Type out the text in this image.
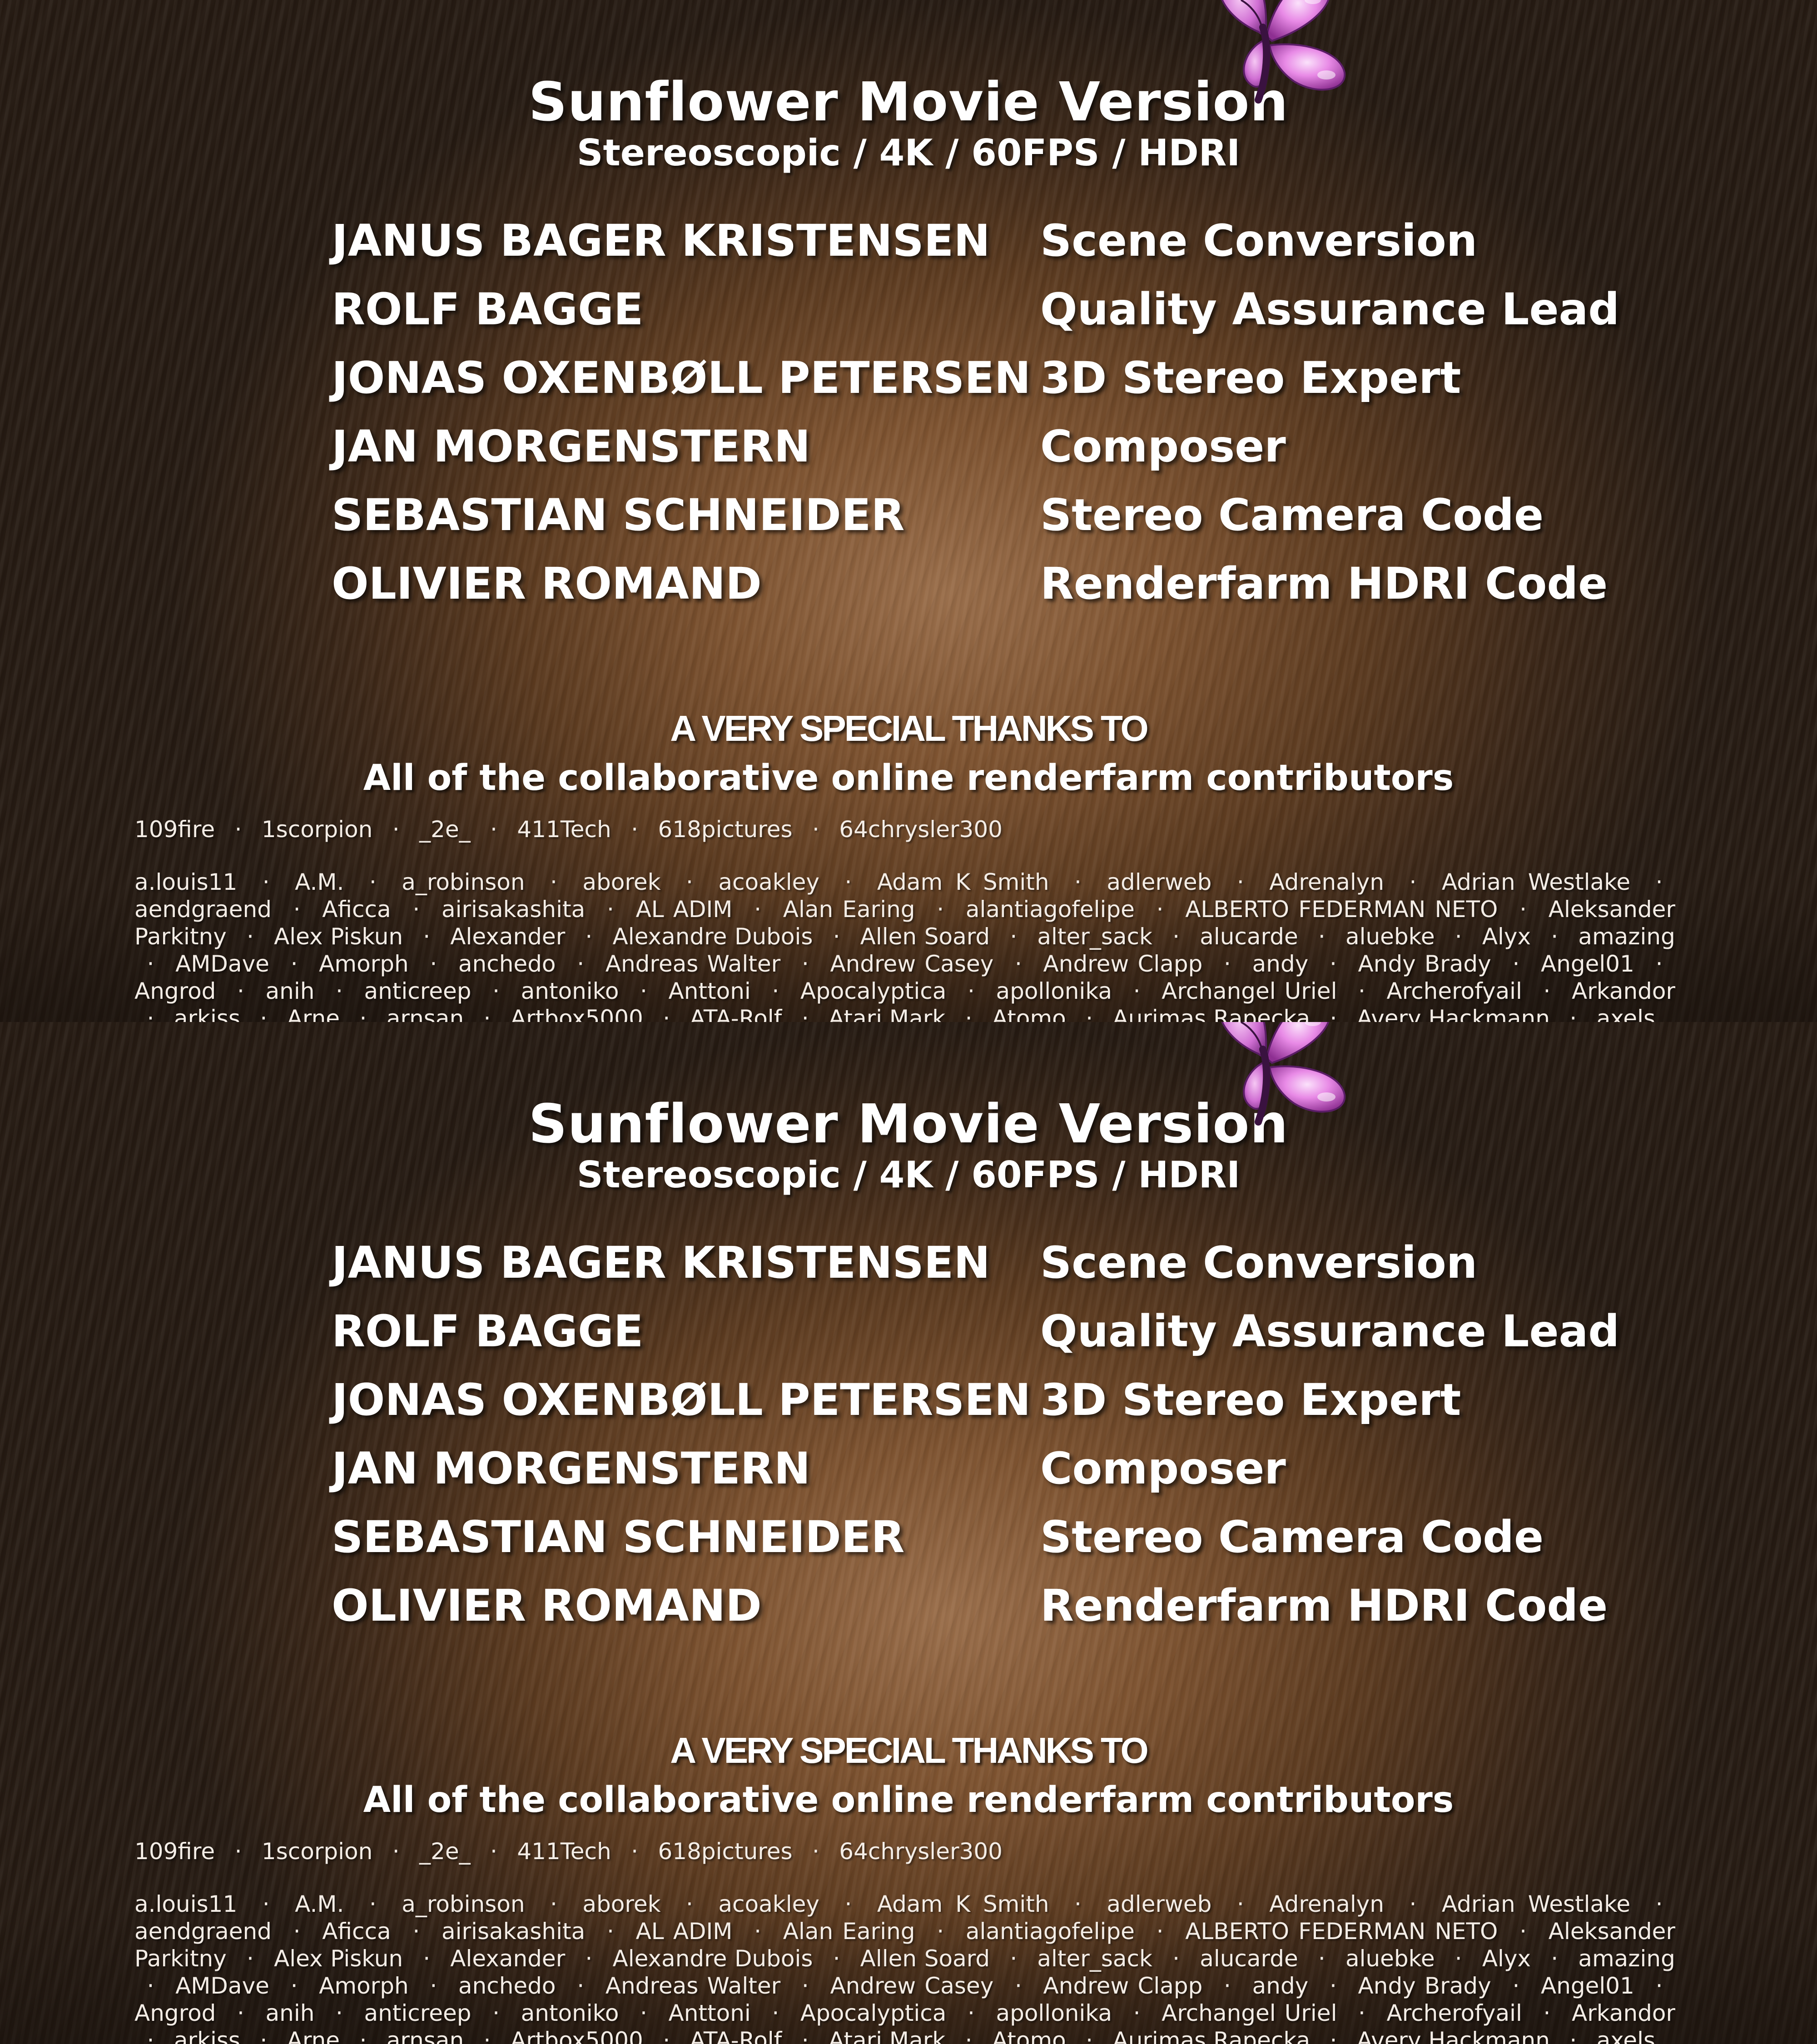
Sunflower Movie Version
Stereoscopic / 4K / 60FPS / HDRI
JANUS BAGER KRISTENSEN Scene Conversion
ROLF BAGGE	Quality Assurance Lead
JONAS OXENBØLL PETERSEN 3D Stereo Expert
JAN MORGENSTERN	Composer
SEBASTIAN SCHNEIDER	Stereo Camera Code
OLIVIER ROMAND	Renderfarm HDRI Code
A VERY SPECIAL THANKS TO
All of the collaborative online renderfarm contributors
109fire · 1scorpion · _2e_ · 411Tech · 618pictures · 64chrysler300
a.louis11 · A.M. · a_robinson · aborek · acoakley · Adam K Smith · adlerweb · Adrenalyn · Adrian Westlake · aendgraend · Aficca · airisakashita · AL ADIM · Alan Earing · alantiagofelipe · ALBERTO FEDERMAN NETO · Aleksander Parkitny · Alex Piskun · Alexander · Alexandre Dubois · Allen Soard · alter_sack · alucarde · aluebke · Alyx · amazing · AMDave · Amorph · anchedo · Andreas Walter · Andrew Casey · Andrew Clapp · andy · Andy Brady · Angel01 · Angrod · anih · anticreep · antoniko · Anttoni · Apocalyptica · apollonika · Archangel Uriel · Archerofyail · Arkandor · arkiss · Arne · arnsan · Artbox5000 · ATA-Rolf · Atari Mark · Atomo · Aurimas Rapecka · Avery Hackmann · axels
Sunflower Movie Version
Stereoscopic / 4K / 60FPS / HDRI
JANUS BAGER KRISTENSEN Scene Conversion
ROLF BAGGE	Quality Assurance Lead
JONAS OXENBØLL PETERSEN 3D Stereo Expert
JAN MORGENSTERN	Composer
SEBASTIAN SCHNEIDER	Stereo Camera Code
OLIVIER ROMAND	Renderfarm HDRI Code
A VERY SPECIAL THANKS TO
All of the collaborative online renderfarm contributors
109fire · 1scorpion · _2e_ · 411Tech · 618pictures · 64chrysler300
a.louis11 · A.M. · a_robinson · aborek · acoakley · Adam K Smith · adlerweb · Adrenalyn · Adrian Westlake · aendgraend · Aficca · airisakashita · AL ADIM · Alan Earing · alantiagofelipe · ALBERTO FEDERMAN NETO · Aleksander Parkitny · Alex Piskun · Alexander · Alexandre Dubois · Allen Soard · alter_sack · alucarde · aluebke · Alyx · amazing · AMDave · Amorph · anchedo · Andreas Walter · Andrew Casey · Andrew Clapp · andy · Andy Brady · Angel01 · Angrod · anih · anticreep · antoniko · Anttoni · Apocalyptica · apollonika · Archangel Uriel · Archerofyail · Arkandor · arkiss · Arne · arnsan · Artbox5000 · ATA-Rolf · Atari Mark · Atomo · Aurimas Rapecka · Avery Hackmann · axels
